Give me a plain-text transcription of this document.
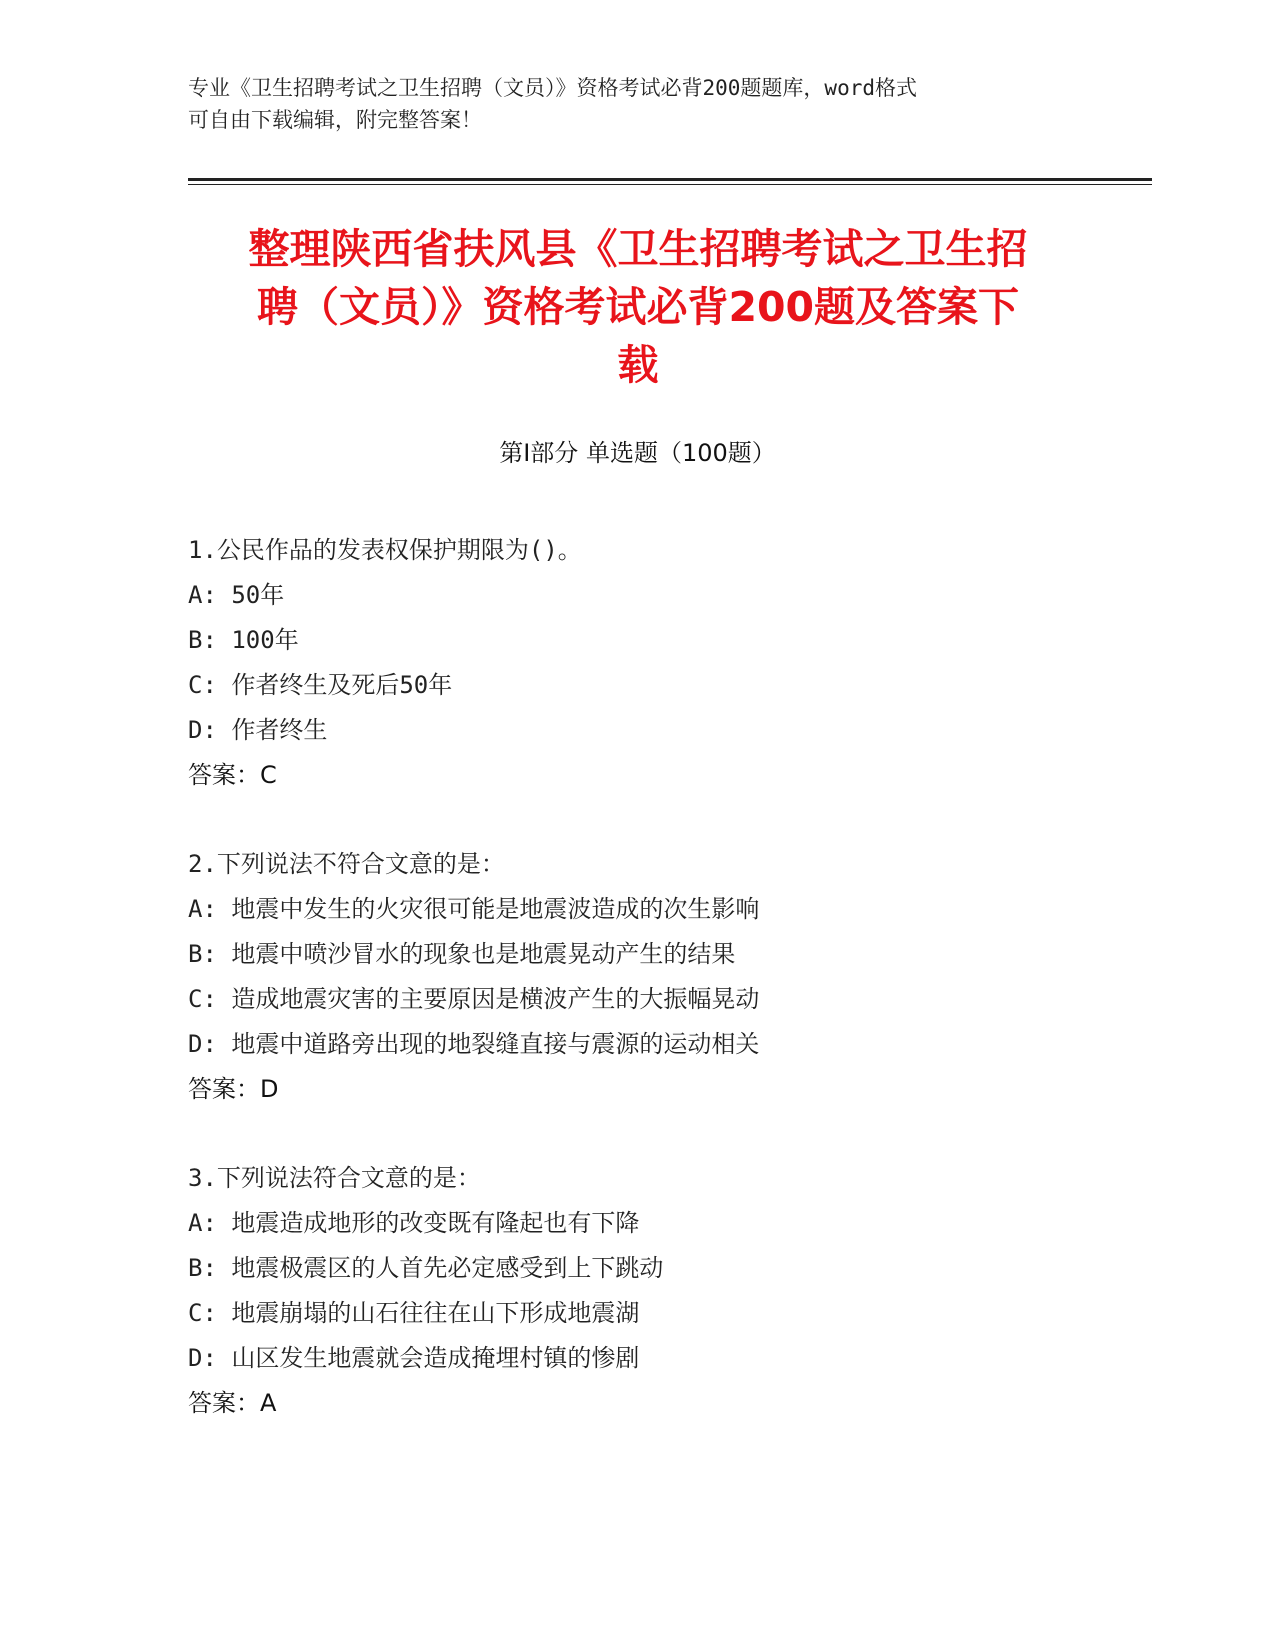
专业《卫生招聘考试之卫生招聘（文员）》资格考试必背200题题库，word格式
可自由下载编辑，附完整答案！
整理陕西省扶风县《卫生招聘考试之卫生招
聘（文员）》资格考试必背200题及答案下
载
第Ⅰ部分 单选题（100题）
1.公民作品的发表权保护期限为()。
A: 50年
B: 100年
C: 作者终生及死后50年
D: 作者终生
答案：C
2.下列说法不符合文意的是：
A: 地震中发生的火灾很可能是地震波造成的次生影响
B: 地震中喷沙冒水的现象也是地震晃动产生的结果
C: 造成地震灾害的主要原因是横波产生的大振幅晃动
D: 地震中道路旁出现的地裂缝直接与震源的运动相关
答案：D
3.下列说法符合文意的是：
A: 地震造成地形的改变既有隆起也有下降
B: 地震极震区的人首先必定感受到上下跳动
C: 地震崩塌的山石往往在山下形成地震湖
D: 山区发生地震就会造成掩埋村镇的惨剧
答案：A
